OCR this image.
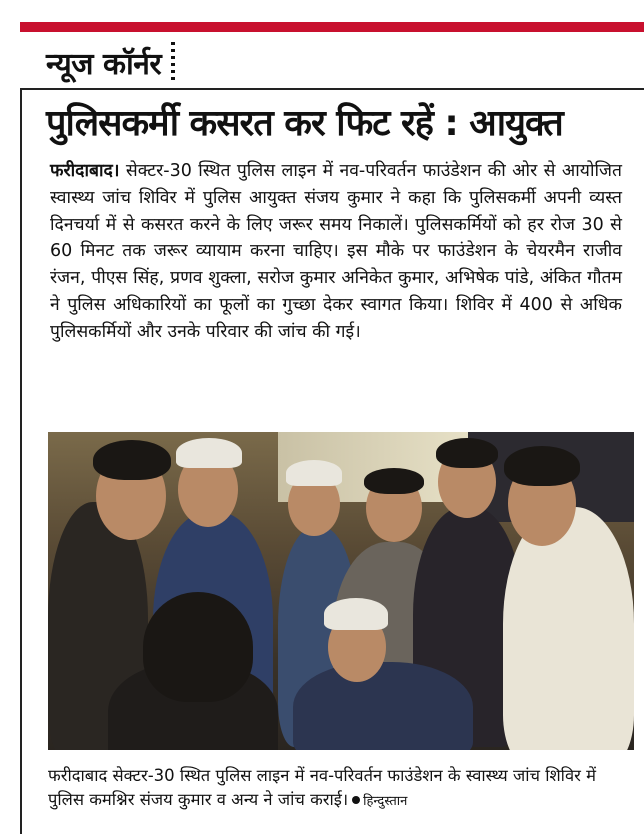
न्यूज कॉर्नर
पुलिसकर्मी कसरत कर फिट रहें : आयुक्त
फरीदाबाद। सेक्टर-30 स्थित पुलिस लाइन में नव-परिवर्तन फाउंडेशन की ओर से आयोजित स्वास्थ्य जांच शिविर में पुलिस आयुक्त संजय कुमार ने कहा कि पुलिसकर्मी अपनी व्यस्त दिनचर्या में से कसरत करने के लिए जरूर समय निकालें। पुलिसकर्मियों को हर रोज 30 से 60 मिनट तक जरूर व्यायाम करना चाहिए। इस मौके पर फाउंडेशन के चेयरमैन राजीव रंजन, पीएस सिंह, प्रणव शुक्ला, सरोज कुमार अनिकेत कुमार, अभिषेक पांडे, अंकित गौतम ने पुलिस अधिकारियों का फूलों का गुच्छा देकर स्वागत किया। शिविर में 400 से अधिक पुलिसकर्मियों और उनके परिवार की जांच की गई।
फरीदाबाद सेक्टर-30 स्थित पुलिस लाइन में नव-परिवर्तन फाउंडेशन के स्वास्थ्य जांच शिविर में पुलिस कमश्निर संजय कुमार व अन्य ने जांच कराई। हिन्दुस्तान
